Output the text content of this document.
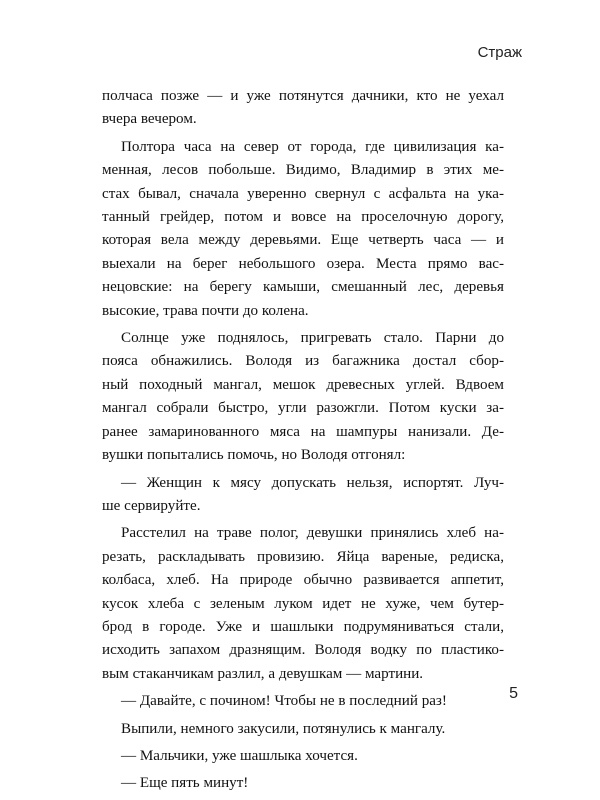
Страж
полчаса позже — и уже потянутся дачники, кто не уехал
вчера вечером.
Полтора часа на север от города, где цивилизация ка-
менная, лесов побольше. Видимо, Владимир в этих ме-
стах бывал, сначала уверенно свернул с асфальта на ука-
танный грейдер, потом и вовсе на проселочную дорогу,
которая вела между деревьями. Еще четверть часа — и
выехали на берег небольшого озера. Места прямо вас-
нецовские: на берегу камыши, смешанный лес, деревья
высокие, трава почти до колена.
Солнце уже поднялось, пригревать стало. Парни до
пояса обнажились. Володя из багажника достал сбор-
ный походный мангал, мешок древесных углей. Вдвоем
мангал собрали быстро, угли разожгли. Потом куски за-
ранее замаринованного мяса на шампуры нанизали. Де-
вушки попытались помочь, но Володя отгонял:
— Женщин к мясу допускать нельзя, испортят. Луч-
ше сервируйте.
Расстелил на траве полог, девушки принялись хлеб на-
резать, раскладывать провизию. Яйца вареные, редиска,
колбаса, хлеб. На природе обычно развивается аппетит,
кусок хлеба с зеленым луком идет не хуже, чем бутер-
брод в городе. Уже и шашлыки подрумяниваться стали,
исходить запахом дразнящим. Володя водку по пластико-
вым стаканчикам разлил, а девушкам — мартини.
— Давайте, с почином! Чтобы не в последний раз!
Выпили, немного закусили, потянулись к мангалу.
— Мальчики, уже шашлыка хочется.
— Еще пять минут!
5
